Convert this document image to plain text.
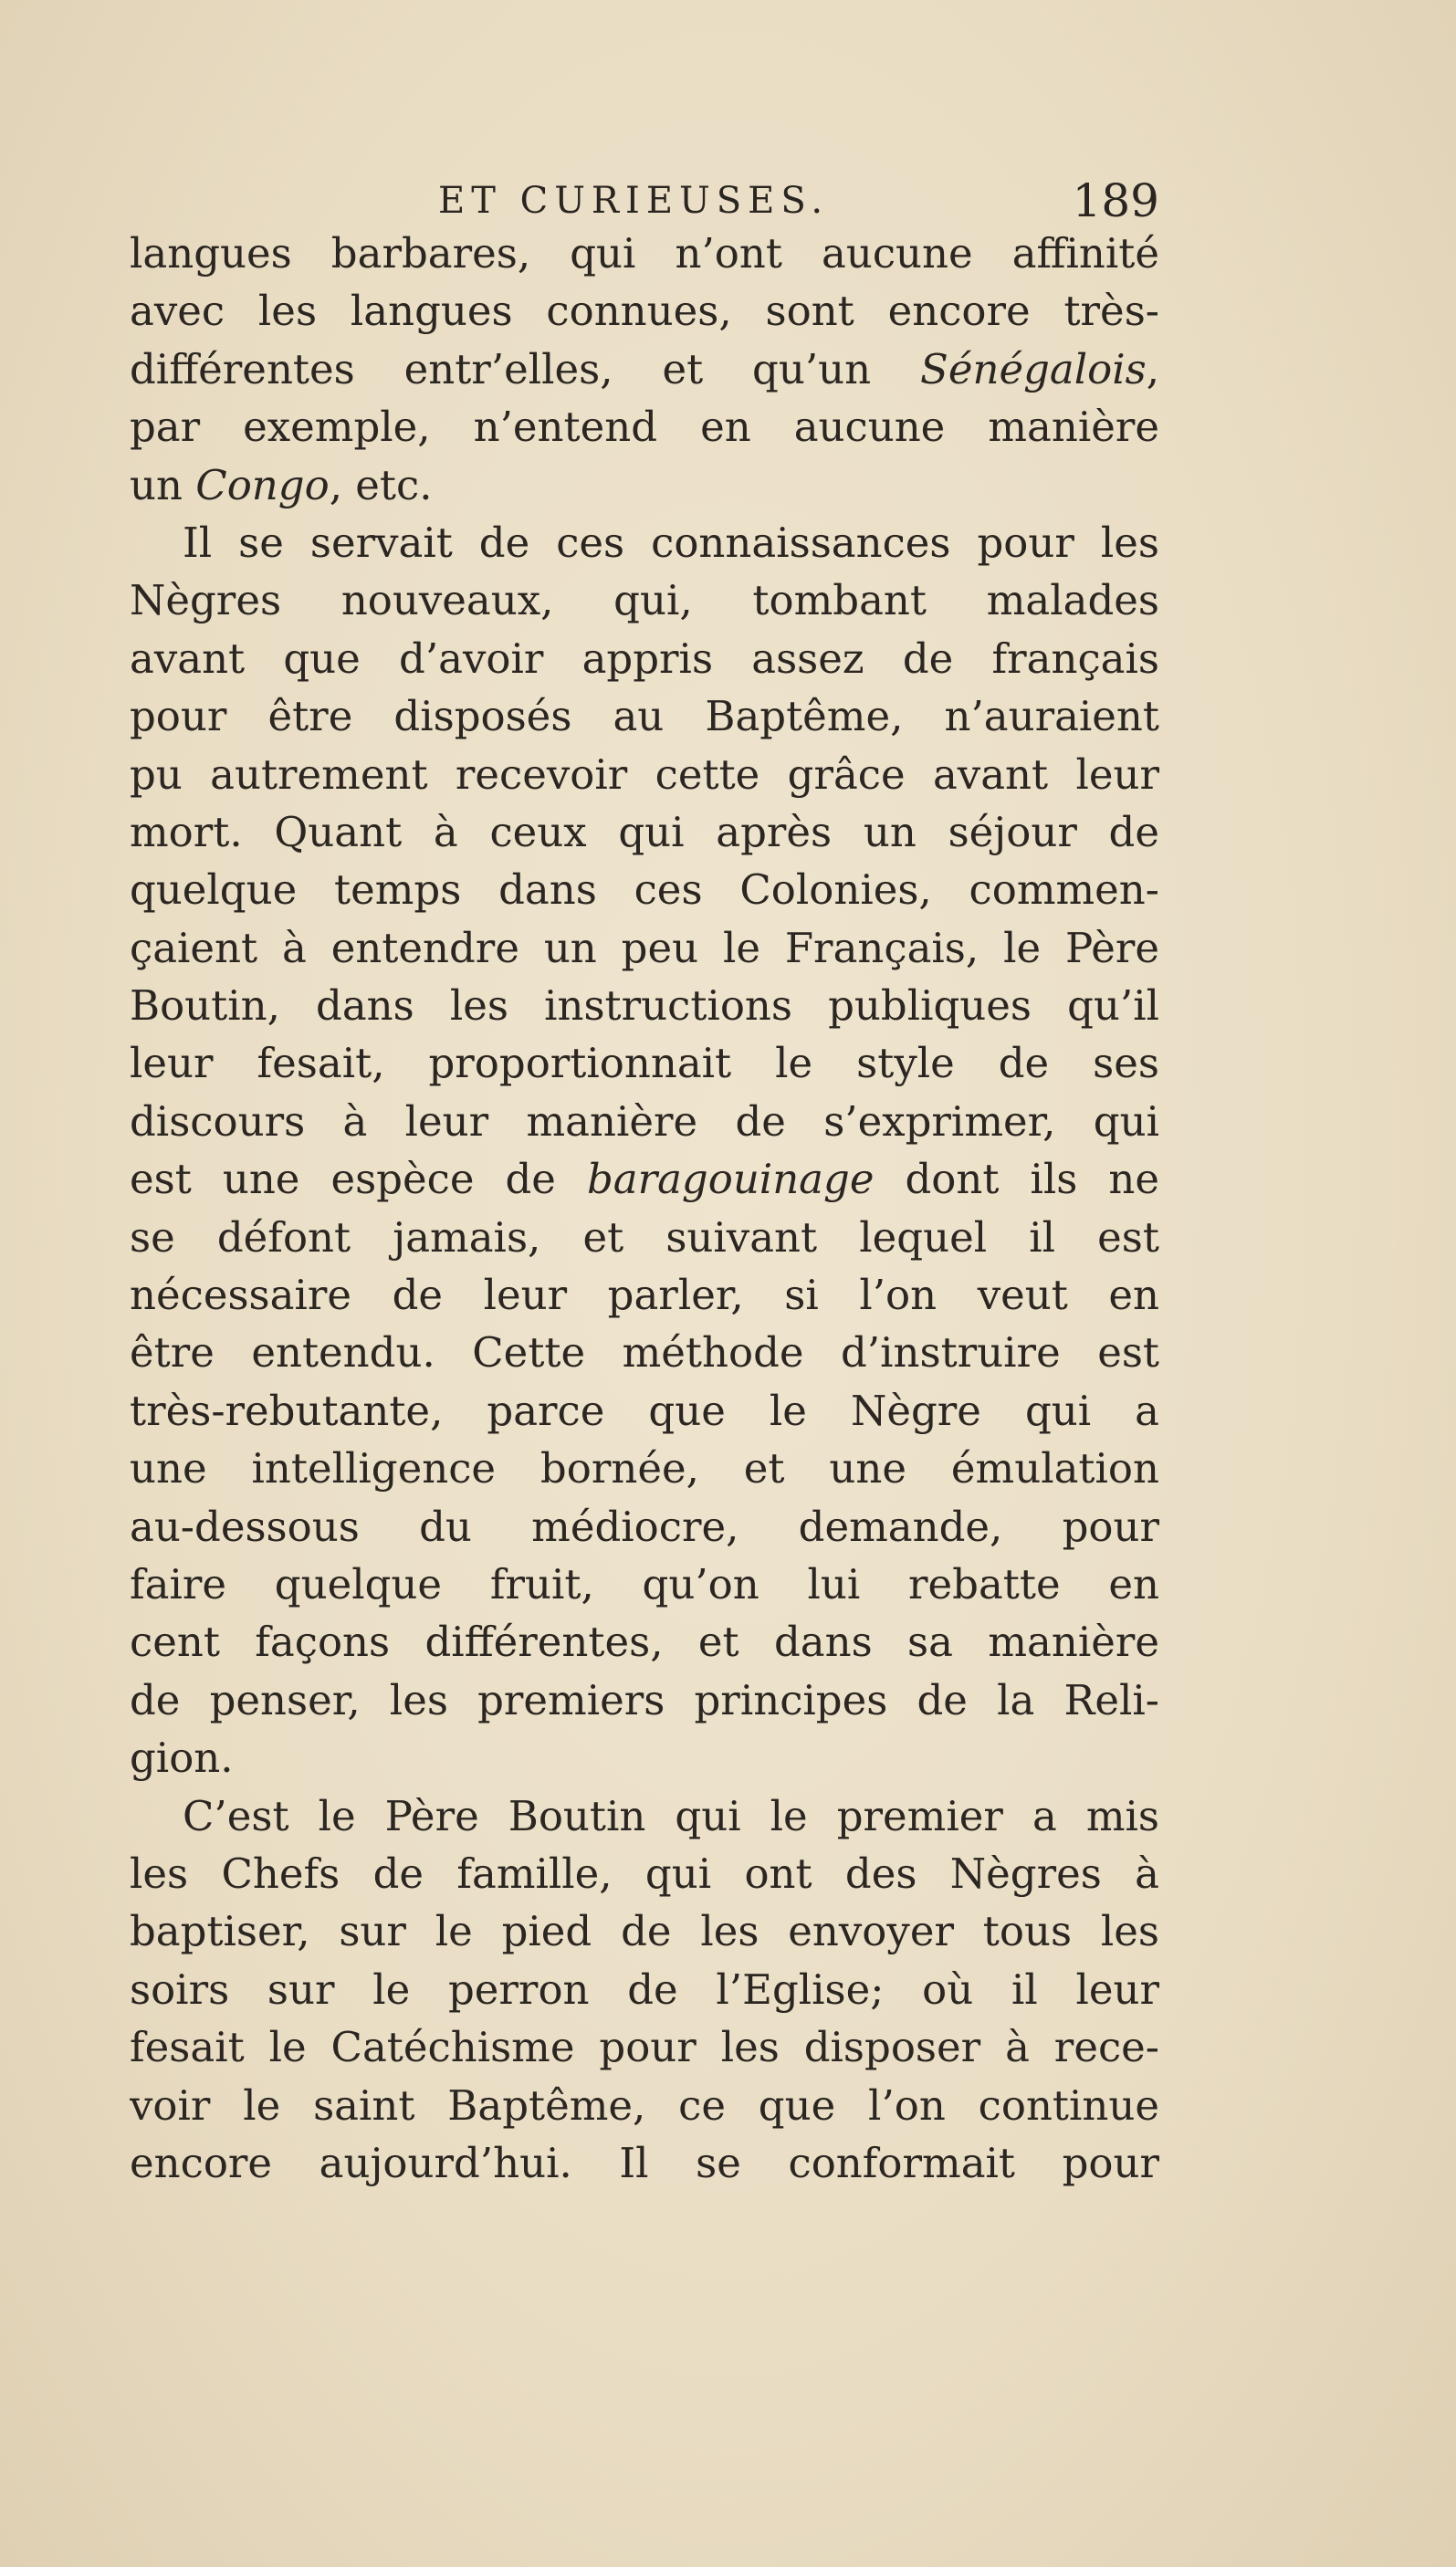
ET CURIEUSES.	189
langues barbares, qui n’ont aucune affinité
avec les langues connues, sont encore très-
différentes entr’elles, et qu’un Sénégalois,
par exemple, n’entend en aucune manière
un Congo, etc.
Il se servait de ces connaissances pour les
Nègres nouveaux, qui, tombant malades
avant que d’avoir appris assez de français
pour être disposés au Baptême, n’auraient
pu autrement recevoir cette grâce avant leur
mort. Quant à ceux qui après un séjour de
quelque temps dans ces Colonies, commen-
çaient à entendre un peu le Français, le Père
Boutin, dans les instructions publiques qu’il
leur fesait, proportionnait le style de ses
discours à leur manière de s’exprimer, qui
est une espèce de baragouinage dont ils ne
se défont jamais, et suivant lequel il est
nécessaire de leur parler, si l’on veut en
être entendu. Cette méthode d’instruire est
très-rebutante, parce que le Nègre qui a
une intelligence bornée, et une émulation
au-dessous du médiocre, demande, pour
faire quelque fruit, qu’on lui rebatte en
cent façons différentes, et dans sa manière
de penser, les premiers principes de la Reli-
gion.
C’est le Père Boutin qui le premier a mis
les Chefs de famille, qui ont des Nègres à
baptiser, sur le pied de les envoyer tous les
soirs sur le perron de l’Eglise; où il leur
fesait le Catéchisme pour les disposer à rece-
voir le saint Baptême, ce que l’on continue
encore aujourd’hui. Il se conformait pour
